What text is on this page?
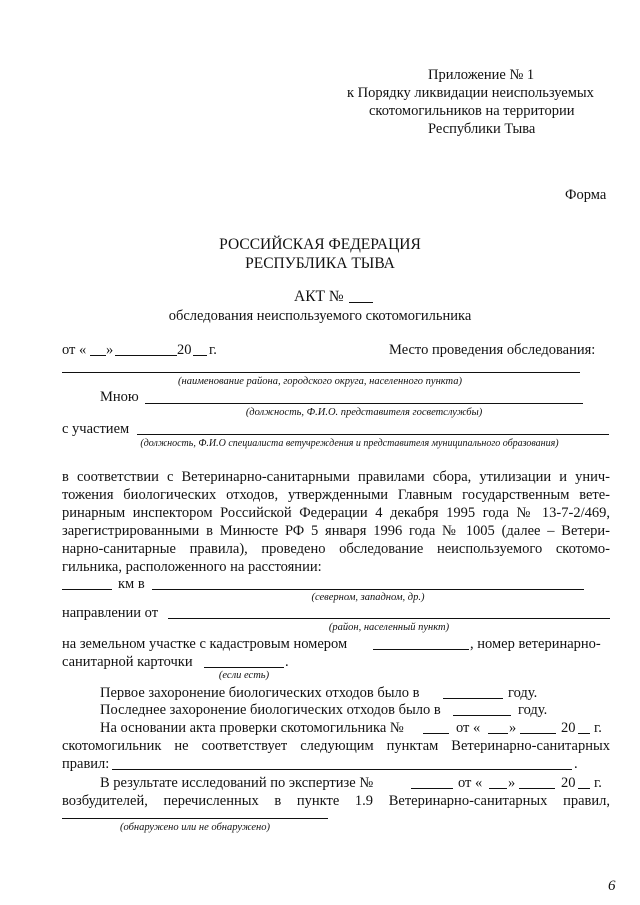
Приложение № 1
к Порядку ликвидации неиспользуемых
скотомогильников на территории
Республики Тыва
Форма
РОССИЙСКАЯ ФЕДЕРАЦИЯ
РЕСПУБЛИКА ТЫВА
АКТ №
обследования неиспользуемого скотомогильника
от « »	20 г.	Место проведения обследования:
(наименование района, городского округа, населенного пункта)
Мною
(должность, Ф.И.О. представителя госветслужбы)
с участием
(должность, Ф.И.О специалиста ветучреждения и представителя муниципального образования)
в соответствии с Ветеринарно-санитарными правилами сбора, утилизации и унич-
тожения биологических отходов, утвержденными Главным государственным вете-
ринарным инспектором Российской Федерации 4 декабря 1995 года № 13-7-2/469,
зарегистрированными в Минюсте РФ 5 января 1996 года № 1005 (далее – Ветери-
нарно-санитарные правила), проведено обследование неиспользуемого скотомо-
гильника, расположенного на расстоянии:
км в
(северном, западном, др.)
направлении от
(район, населенный пункт)
на земельном участке с кадастровым номером	, номер ветеринарно-
санитарной карточки	.
(если есть)
Первое захоронение биологических отходов было в	году.
Последнее захоронение биологических отходов было в	году.
На основании акта проверки скотомогильника №	от « »	20 г.
скотомогильник не соответствует следующим пунктам Ветеринарно-санитарных
правил:	.
В результате исследований по экспертизе №	от « »	20 г.
возбудителей, перечисленных в пункте 1.9 Ветеринарно-санитарных правил,
(обнаружено или не обнаружено)
6
